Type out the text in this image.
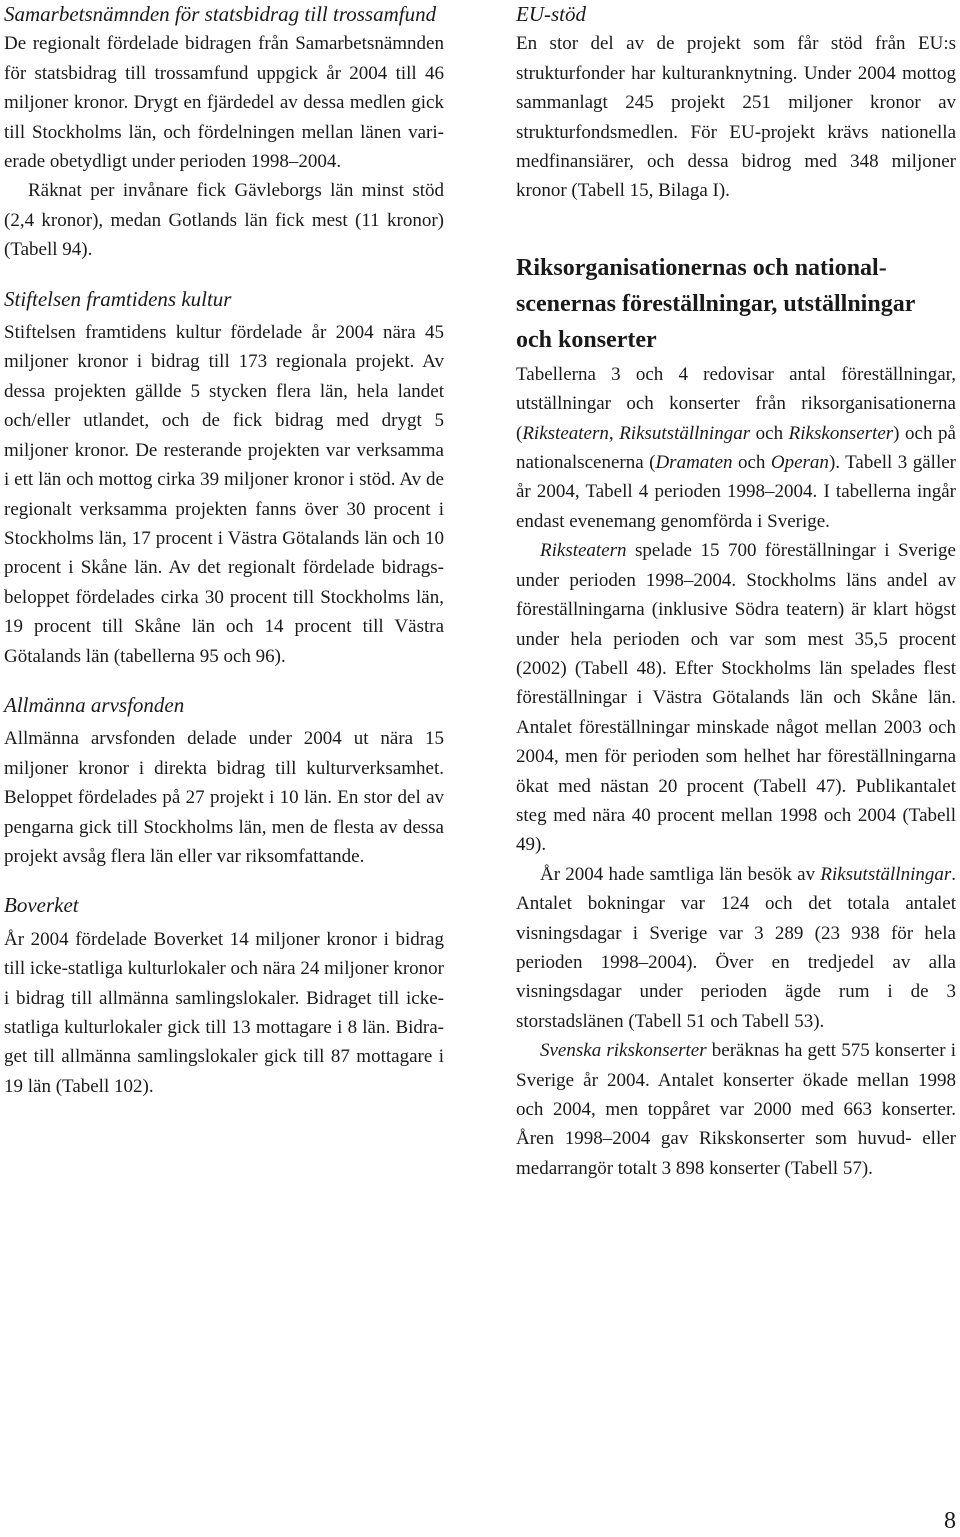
Samarbetsnämnden för statsbidrag till trossamfund

De regionalt fördelade bidragen från Samarbetsnämnden för statsbidrag till trossamfund uppgick år 2004 till 46 miljoner kronor. Drygt en fjärdedel av dessa medlen gick till Stockholms län, och fördelningen mellan länen varierade obetydligt under perioden 1998–2004.

Räknat per invånare fick Gävleborgs län minst stöd (2,4 kronor), medan Gotlands län fick mest (11 kronor) (Tabell 94).

Stiftelsen framtidens kultur

Stiftelsen framtidens kultur fördelade år 2004 nära 45 miljoner kronor i bidrag till 173 regionala projekt. Av dessa projekten gällde 5 stycken flera län, hela landet och/eller utlandet, och de fick bidrag med drygt 5 miljoner kronor. De resterande projekten var verksamma i ett län och mottog cirka 39 miljoner kronor i stöd. Av de regionalt verksamma projekten fanns över 30 procent i Stockholms län, 17 procent i Västra Götalands län och 10 procent i Skåne län. Av det regionalt fördelade bidragsbeloppet fördelades cirka 30 procent till Stockholms län, 19 procent till Skåne län och 14 procent till Västra Götalands län (tabellerna 95 och 96).

Allmänna arvsfonden

Allmänna arvsfonden delade under 2004 ut nära 15 miljoner kronor i direkta bidrag till kulturverksamhet. Beloppet fördelades på 27 projekt i 10 län. En stor del av pengarna gick till Stockholms län, men de flesta av dessa projekt avsåg flera län eller var riksomfattande.

Boverket

År 2004 fördelade Boverket 14 miljoner kronor i bidrag till icke-statliga kulturlokaler och nära 24 miljoner kronor i bidrag till allmänna samlingslokaler. Bidraget till icke-statliga kulturlokaler gick till 13 mottagare i 8 län. Bidraget till allmänna samlingslokaler gick till 87 mottagare i 19 län (Tabell 102).

EU-stöd

En stor del av de projekt som får stöd från EU:s strukturfonder har kulturanknytning. Under 2004 mottog sammanlagt 245 projekt 251 miljoner kronor av strukturfondsmedlen. För EU-projekt krävs nationella medfinansiärer, och dessa bidrog med 348 miljoner kronor (Tabell 15, Bilaga I).

Riksorganisationernas och nationalscenernas föreställningar, utställningar och konserter

Tabellerna 3 och 4 redovisar antal föreställningar, utställningar och konserter från riksorganisationerna (Riksteatern, Riksutställningar och Rikskonserter) och på nationalscenerna (Dramaten och Operan). Tabell 3 gäller år 2004, Tabell 4 perioden 1998–2004. I tabellerna ingår endast evenemang genomförda i Sverige.

Riksteatern spelade 15 700 föreställningar i Sverige under perioden 1998–2004. Stockholms läns andel av föreställningarna (inklusive Södra teatern) är klart högst under hela perioden och var som mest 35,5 procent (2002) (Tabell 48). Efter Stockholms län spelades flest föreställningar i Västra Götalands län och Skåne län. Antalet föreställningar minskade något mellan 2003 och 2004, men för perioden som helhet har föreställningarna ökat med nästan 20 procent (Tabell 47). Publikantalet steg med nära 40 procent mellan 1998 och 2004 (Tabell 49).

År 2004 hade samtliga län besök av Riksutställningar. Antalet bokningar var 124 och det totala antalet visningsdagar i Sverige var 3 289 (23 938 för hela perioden 1998–2004). Över en tredjedel av alla visningsdagar under perioden ägde rum i de 3 storstadslänen (Tabell 51 och Tabell 53).

Svenska rikskonserter beräknas ha gett 575 konserter i Sverige år 2004. Antalet konserter ökade mellan 1998 och 2004, men toppåret var 2000 med 663 konserter. Åren 1998–2004 gav Rikskonserter som huvud- eller medarrangör totalt 3 898 konserter (Tabell 57).

8
